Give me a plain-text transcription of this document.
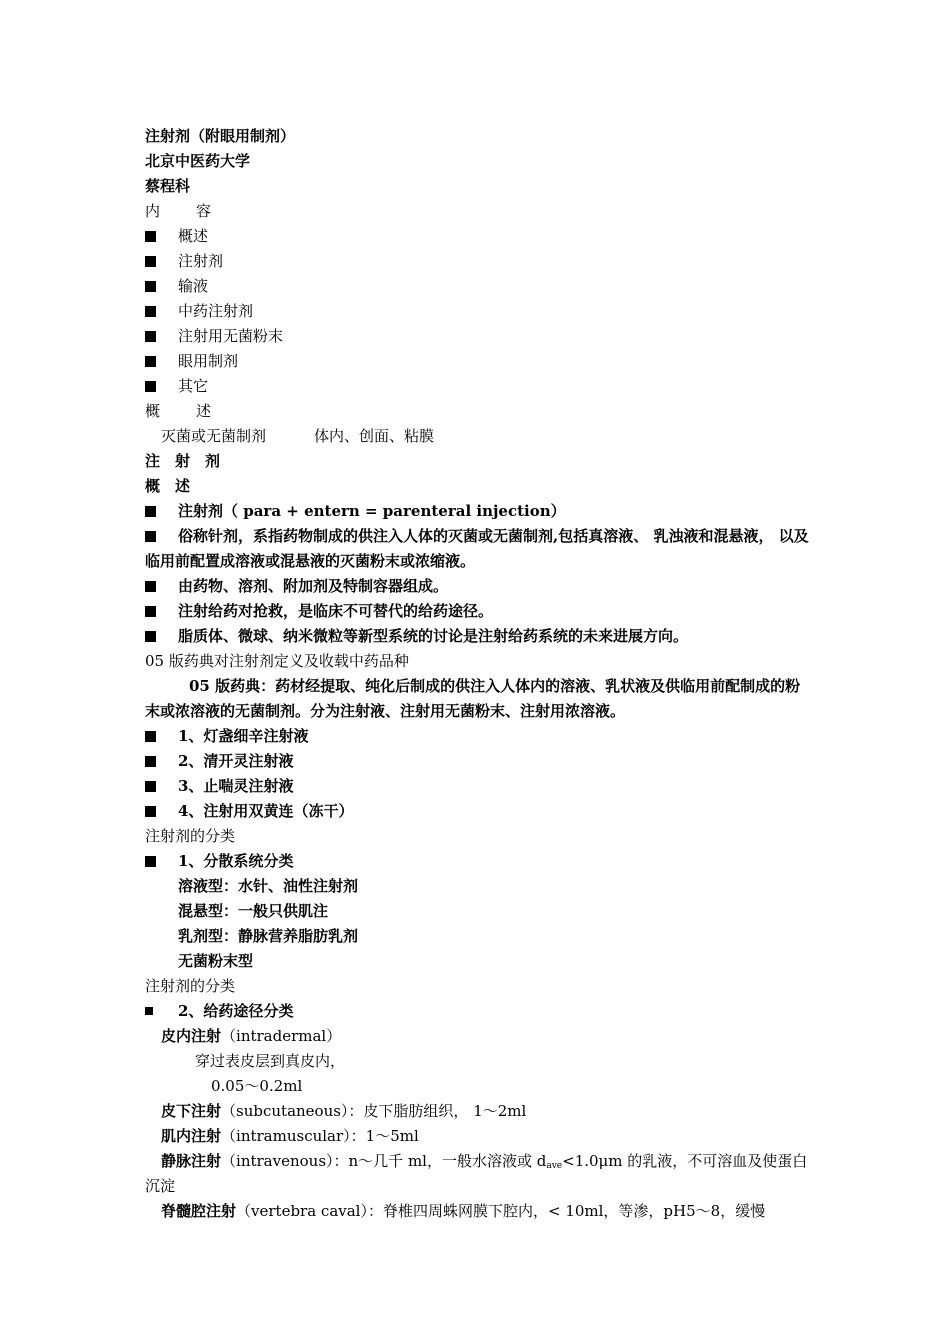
注射剂（附眼用制剂）
北京中医药大学
蔡程科
内 容
概述
注射剂
输液
中药注射剂
注射用无菌粉末
眼用制剂
其它
概 述
灭菌或无菌制剂	体内、创面、粘膜
注　射　剂
概　述
注射剂（ para + entern = parenteral injection）
俗称针剂，系指药物制成的供注入人体的灭菌或无菌制剂,包括真溶液、 乳浊液和混悬液， 以及临用前配置成溶液或混悬液的灭菌粉末或浓缩液。
由药物、溶剂、附加剂及特制容器组成。
注射给药对抢救，是临床不可替代的给药途径。
脂质体、微球、纳米微粒等新型系统的讨论是注射给药系统的未来进展方向。
05 版药典对注射剂定义及收载中药品种
05 版药典：药材经提取、纯化后制成的供注入人体内的溶液、乳状液及供临用前配制成的粉末或浓溶液的无菌制剂。分为注射液、注射用无菌粉末、注射用浓溶液。
1、灯盏细辛注射液
2、清开灵注射液
3、止喘灵注射液
4、注射用双黄连（冻干）
注射剂的分类
1、分散系统分类
溶液型：水针、油性注射剂
混悬型：一般只供肌注
乳剂型：静脉营养脂肪乳剂
无菌粉末型
注射剂的分类
2、给药途径分类
皮内注射（intradermal）
穿过表皮层到真皮内，
0.05～0.2ml
皮下注射（subcutaneous）：皮下脂肪组织， 1～2ml
肌内注射（intramuscular）：1～5ml
静脉注射（intravenous）：n～几千 ml，一般水溶液或 $d_{ave}<1.0\mu m$ 的乳液，不可溶血及使蛋白沉淀
脊髓腔注射（vertebra caval）：脊椎四周蛛网膜下腔内，< 10ml，等渗，pH5～8，缓慢
